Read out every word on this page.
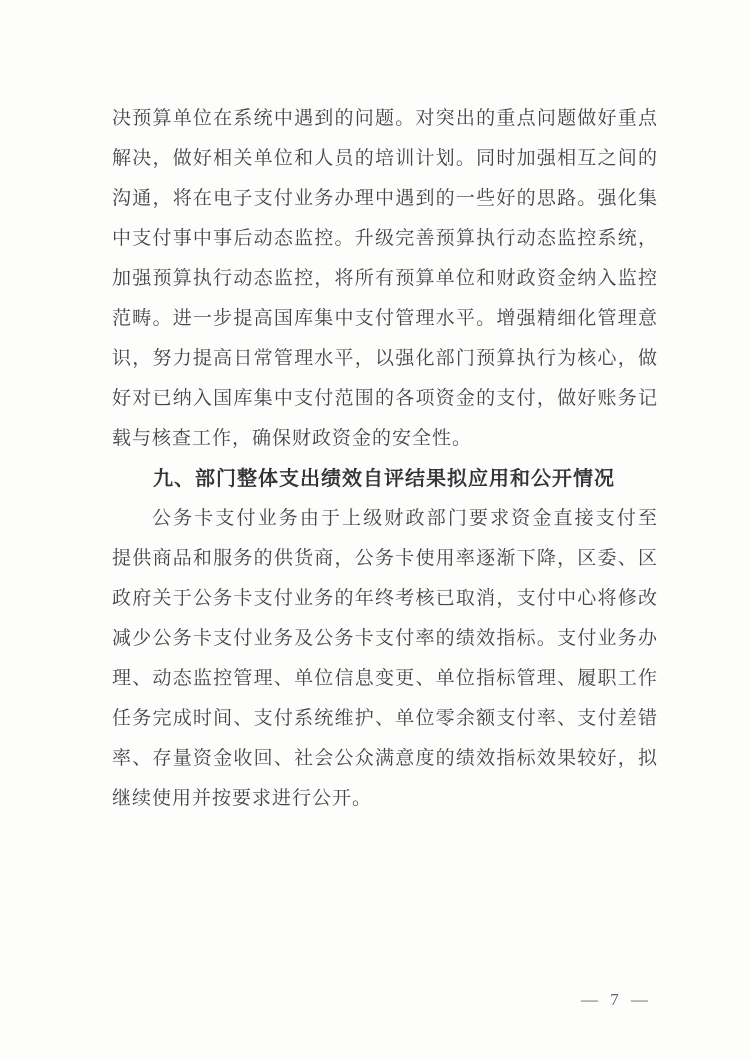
决预算单位在系统中遇到的问题。对突出的重点问题做好重点
解决，做好相关单位和人员的培训计划。同时加强相互之间的
沟通，将在电子支付业务办理中遇到的一些好的思路。强化集
中支付事中事后动态监控。升级完善预算执行动态监控系统，
加强预算执行动态监控，将所有预算单位和财政资金纳入监控
范畴。进一步提高国库集中支付管理水平。增强精细化管理意
识，努力提高日常管理水平，以强化部门预算执行为核心，做
好对已纳入国库集中支付范围的各项资金的支付，做好账务记
载与核查工作，确保财政资金的安全性。

九、部门整体支出绩效自评结果拟应用和公开情况

公务卡支付业务由于上级财政部门要求资金直接支付至
提供商品和服务的供货商，公务卡使用率逐渐下降，区委、区
政府关于公务卡支付业务的年终考核已取消，支付中心将修改
减少公务卡支付业务及公务卡支付率的绩效指标。支付业务办
理、动态监控管理、单位信息变更、单位指标管理、履职工作
任务完成时间、支付系统维护、单位零余额支付率、支付差错
率、存量资金收回、社会公众满意度的绩效指标效果较好，拟
继续使用并按要求进行公开。

— 7 —
